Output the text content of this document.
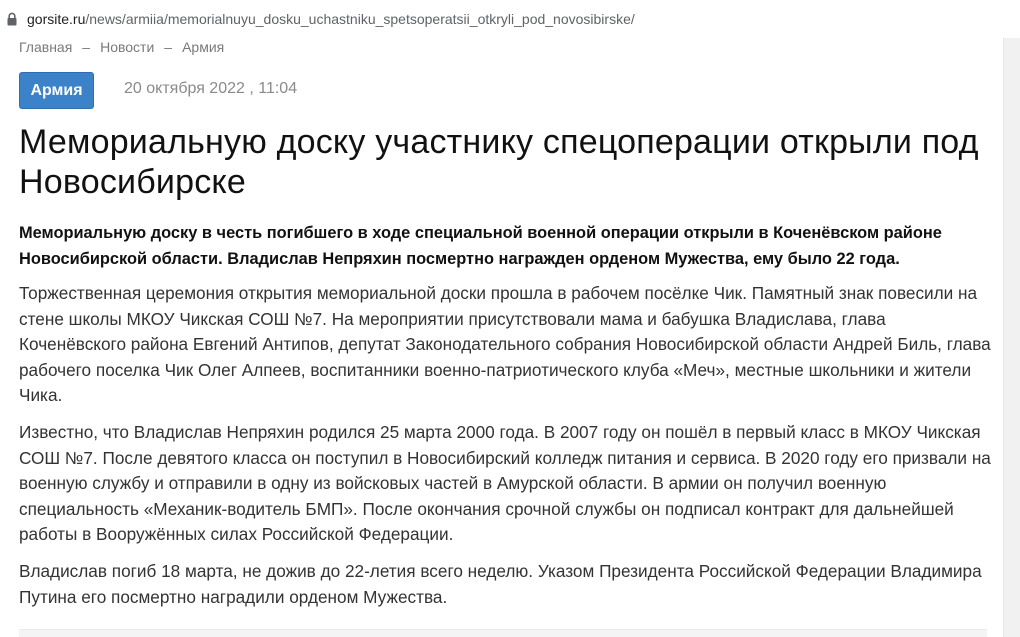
gorsite.ru/news/armiia/memorialnuyu_dosku_uchastniku_spetsoperatsii_otkryli_pod_novosibirske/
Главная – Новости – Армия
Армия	20 октября 2022 , 11:04
Мемориальную доску участнику спецоперации открыли под Новосибирске

Мемориальную доску в честь погибшего в ходе специальной военной операции открыли в Коченёвском районе Новосибирской области. Владислав Непряхин посмертно награжден орденом Мужества, ему было 22 года.

Торжественная церемония открытия мемориальной доски прошла в рабочем посёлке Чик. Памятный знак повесили на стене школы МКОУ Чикская СОШ №7. На мероприятии присутствовали мама и бабушка Владислава, глава Коченёвского района Евгений Антипов, депутат Законодательного собрания Новосибирской области Андрей Биль, глава рабочего поселка Чик Олег Алпеев, воспитанники военно-патриотического клуба «Меч», местные школьники и жители Чика.

Известно, что Владислав Непряхин родился 25 марта 2000 года. В 2007 году он пошёл в первый класс в МКОУ Чикская СОШ №7. После девятого класса он поступил в Новосибирский колледж питания и сервиса. В 2020 году его призвали на военную службу и отправили в одну из войсковых частей в Амурской области. В армии он получил военную специальность «Механик-водитель БМП». После окончания срочной службы он подписал контракт для дальнейшей работы в Вооружённых силах Российской Федерации.

Владислав погиб 18 марта, не дожив до 22-летия всего неделю. Указом Президента Российской Федерации Владимира Путина его посмертно наградили орденом Мужества.
